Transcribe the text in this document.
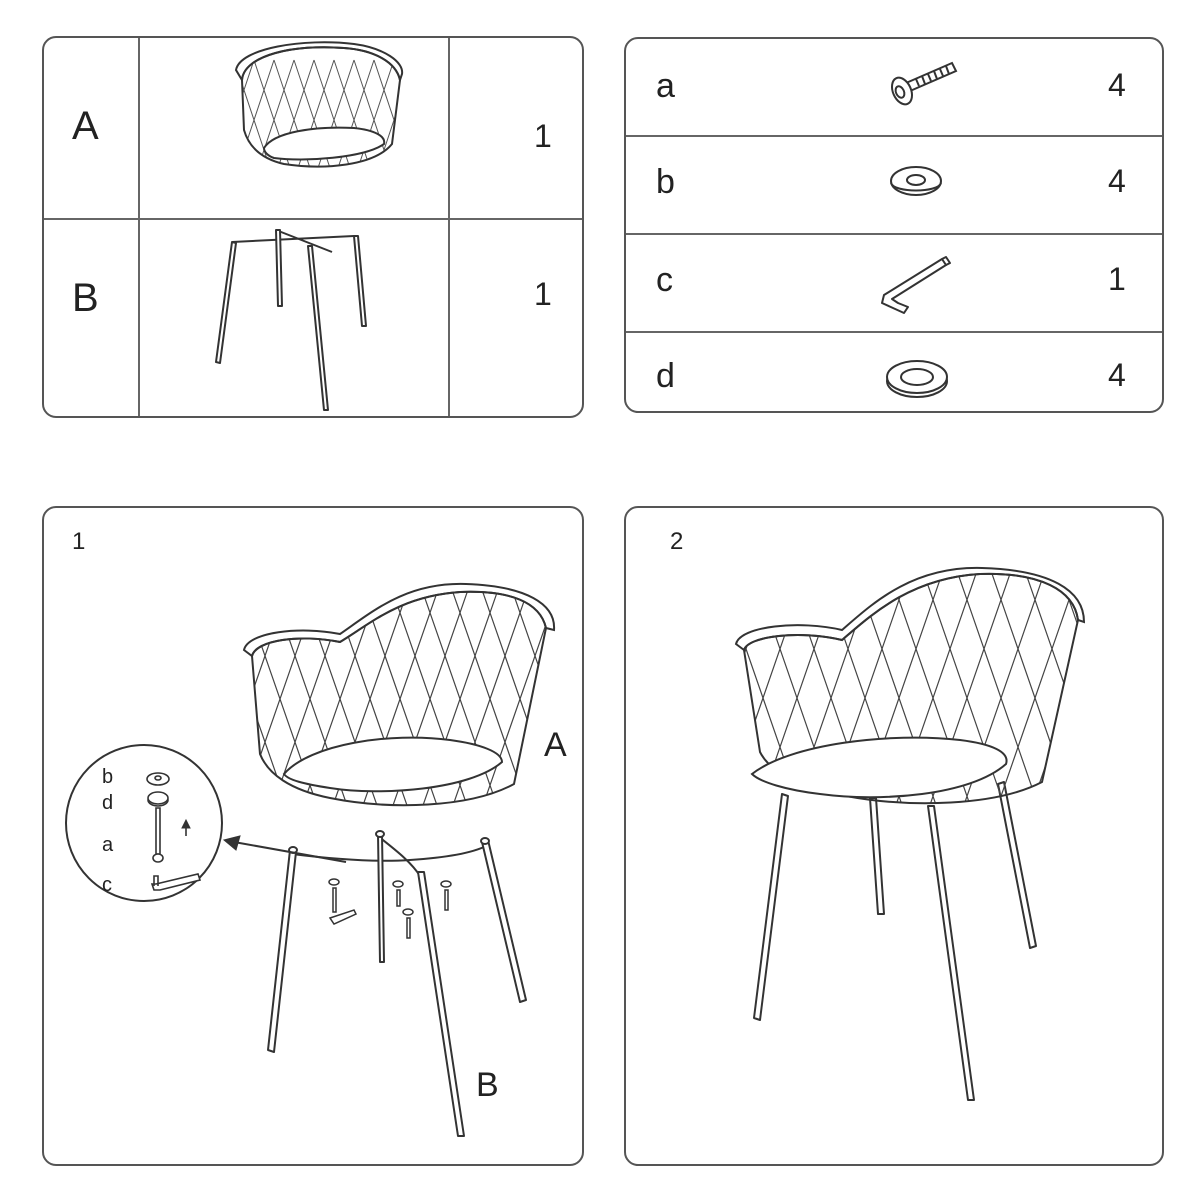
A	1
B	1
a	4
b	4
c	1
d	4
1
A
B
b
d
a
c
2
